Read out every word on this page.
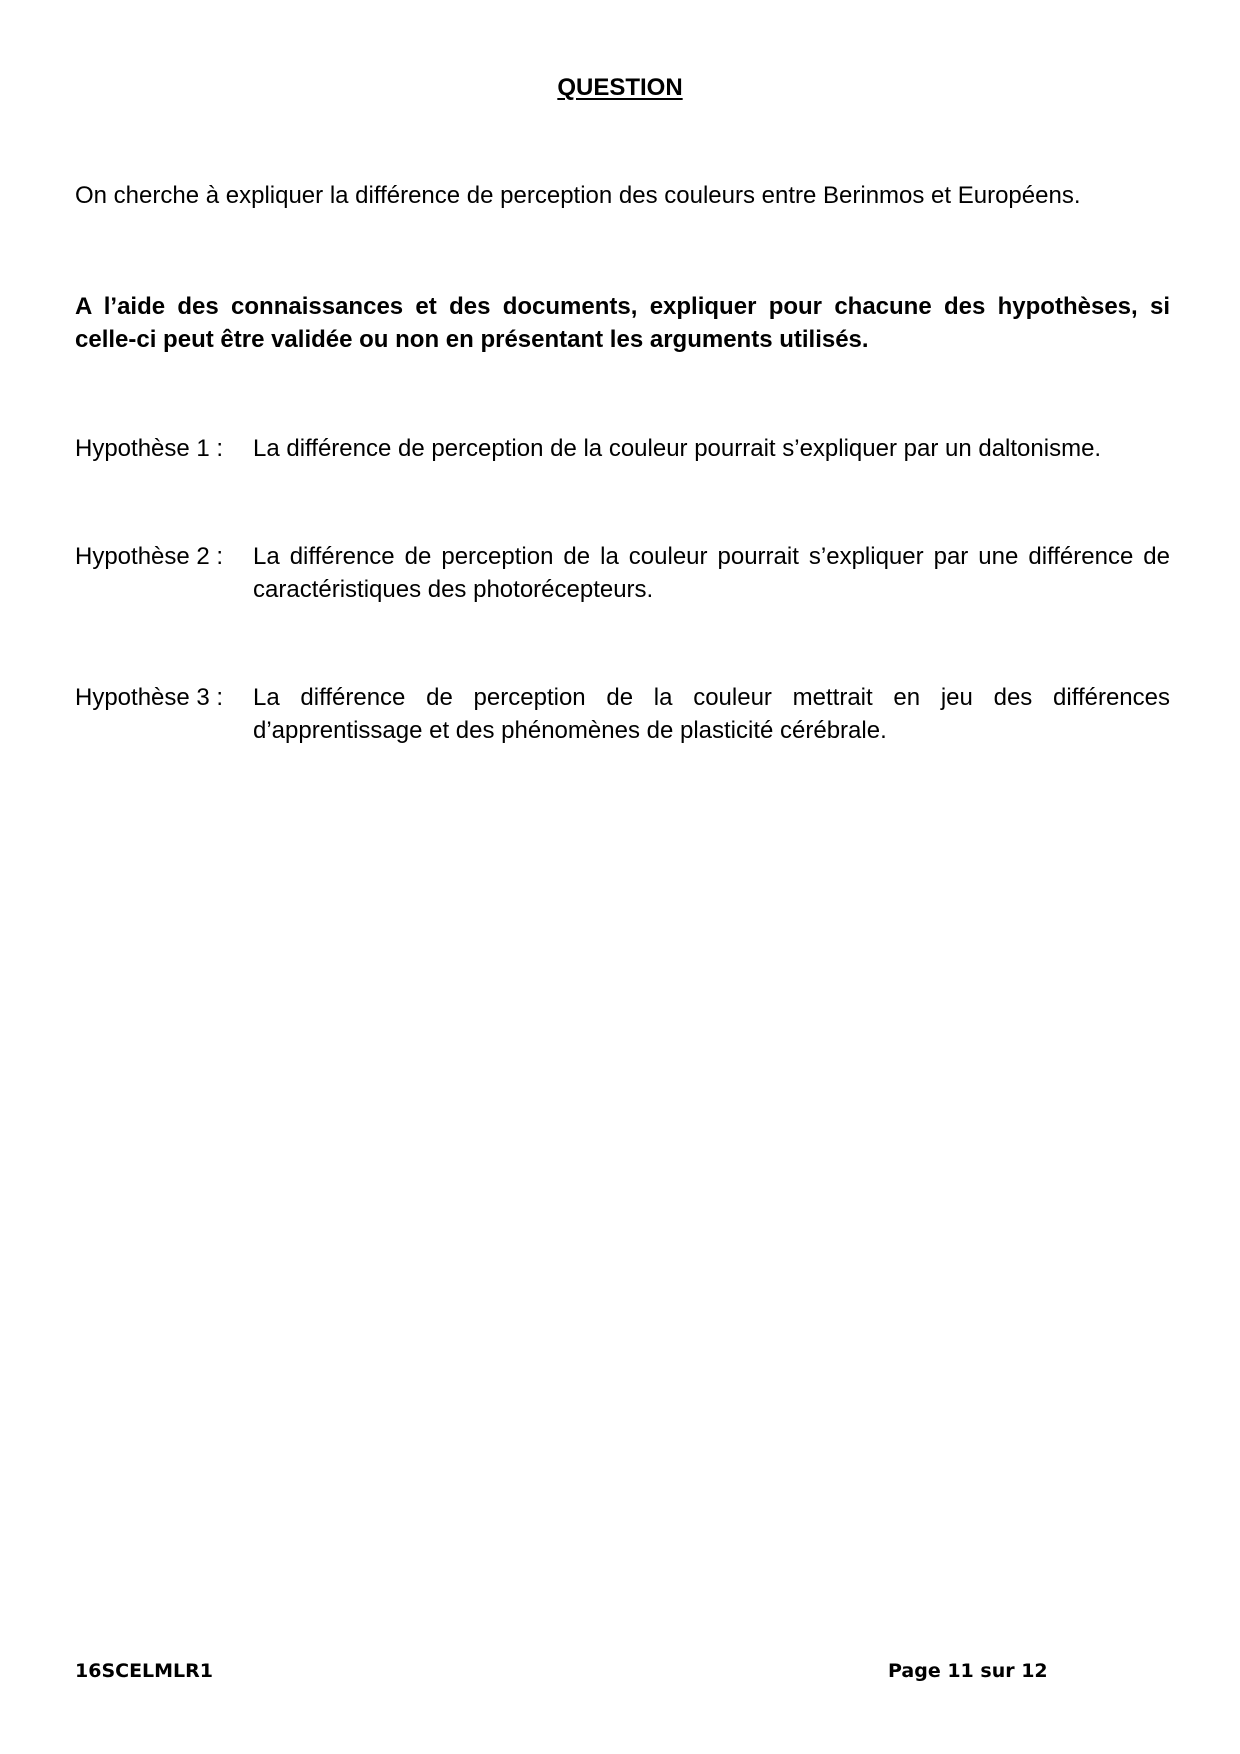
QUESTION

On cherche à expliquer la différence de perception des couleurs entre Berinmos et Européens.

A l’aide des connaissances et des documents, expliquer pour chacune des hypothèses, si celle-ci peut être validée ou non en présentant les arguments utilisés.

Hypothèse 1 : La différence de perception de la couleur pourrait s’expliquer par un daltonisme.
Hypothèse 2 : La différence de perception de la couleur pourrait s’expliquer par une différence de caractéristiques des photorécepteurs.
Hypothèse 3 : La différence de perception de la couleur mettrait en jeu des différences d’apprentissage et des phénomènes de plasticité cérébrale.
16SCELMLR1	Page 11 sur 12
